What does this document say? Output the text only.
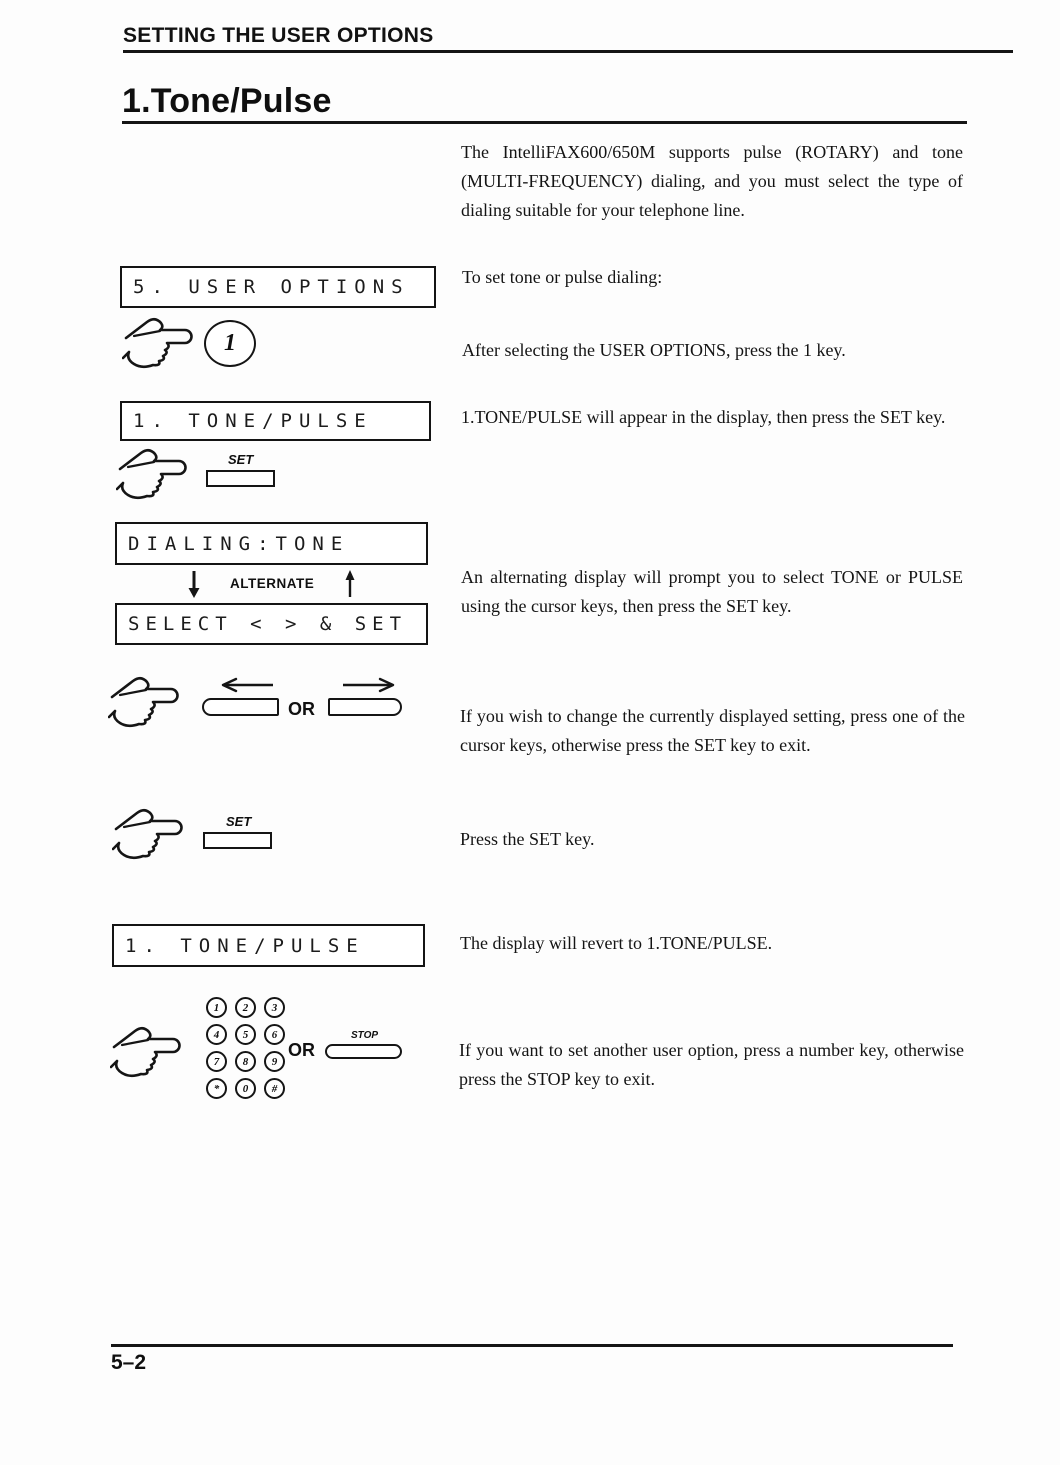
SETTING THE USER OPTIONS
1.Tone/Pulse
The IntelliFAX600/650M supports pulse (ROTARY) and tone (MULTI-FREQUENCY) dialing, and you must select the type of dialing suitable for your telephone line.
5. USER OPTIONS	To set tone or pulse dialing:
1	After selecting the USER OPTIONS, press the 1 key.
1. TONE/PULSE	1.TONE/PULSE will appear in the display, then press the SET key.
SET
DIALING:TONE
ALTERNATE	An alternating display will prompt you to select TONE or PULSE using the cursor keys, then press the SET key.
SELECT < > & SET
OR	If you wish to change the currently displayed setting, press one of the cursor keys, otherwise press the SET key to exit.
SET
Press the SET key.
1. TONE/PULSE	The display will revert to 1.TONE/PULSE.
1 2 3
4 5 6
7 8 9
* 0 #
OR
STOP
If you want to set another user option, press a number key, otherwise press the STOP key to exit.
5–2
